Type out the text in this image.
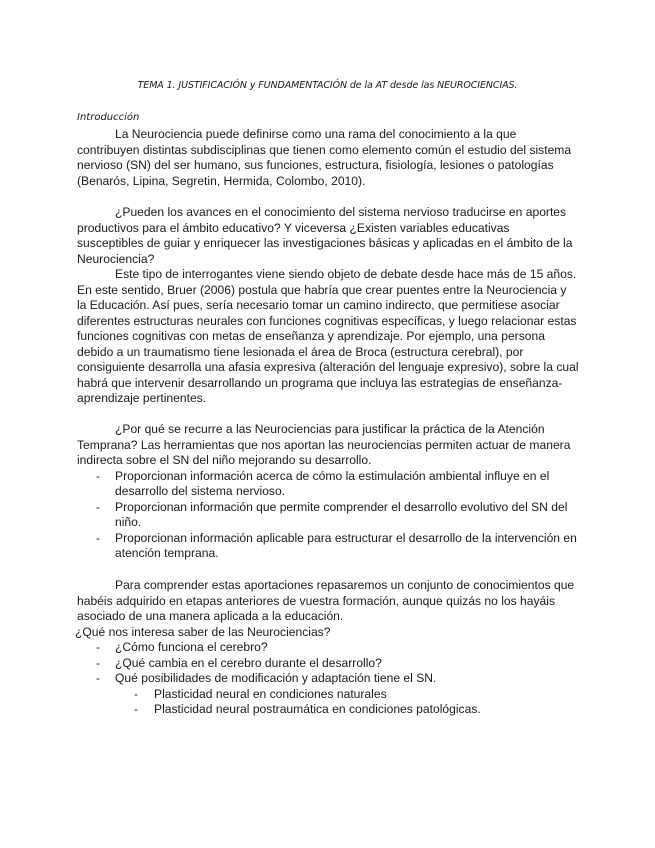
TEMA 1. JUSTIFICACIÓN y FUNDAMENTACIÓN de la AT desde las NEUROCIENCIAS.
Introducción

La Neurociencia puede definirse como una rama del conocimiento a la que contribuyen distintas subdisciplinas que tienen como elemento común el estudio del sistema nervioso (SN) del ser humano, sus funciones, estructura, fisiología, lesiones o patologías (Benarós, Lipina, Segretin, Hermida, Colombo, 2010).

¿Pueden los avances en el conocimiento del sistema nervioso traducirse en aportes productivos para el ámbito educativo? Y viceversa ¿Existen variables educativas susceptibles de guiar y enriquecer las investigaciones básicas y aplicadas en el ámbito de la Neurociencia?

Este tipo de interrogantes viene siendo objeto de debate desde hace más de 15 años. En este sentido, Bruer (2006) postula que habría que crear puentes entre la Neurociencia y la Educación. Así pues, sería necesario tomar un camino indirecto, que permitiese asociar diferentes estructuras neurales con funciones cognitivas específicas, y luego relacionar estas funciones cognitivas con metas de enseñanza y aprendizaje. Por ejemplo, una persona debido a un traumatismo tiene lesionada el área de Broca (estructura cerebral), por consiguiente desarrolla una afasia expresiva (alteración del lenguaje expresivo), sobre la cual habrá que intervenir desarrollando un programa que incluya las estrategias de enseñanza-aprendizaje pertinentes.

¿Por qué se recurre a las Neurociencias para justificar la práctica de la Atención Temprana? Las herramientas que nos aportan las neurociencias permiten actuar de manera indirecta sobre el SN del niño mejorando su desarrollo.

- Proporcionan información acerca de cómo la estimulación ambiental influye en el desarrollo del sistema nervioso.
- Proporcionan información que permite comprender el desarrollo evolutivo del SN del niño.
- Proporcionan información aplicable para estructurar el desarrollo de la intervención en atención temprana.

Para comprender estas aportaciones repasaremos un conjunto de conocimientos que habéis adquirido en etapas anteriores de vuestra formación, aunque quizás no los hayáis asociado de una manera aplicada a la educación.

¿Qué nos interesa saber de las Neurociencias?

- ¿Cómo funciona el cerebro?
- ¿Qué cambia en el cerebro durante el desarrollo?
- Qué posibilidades de modificación y adaptación tiene el SN.
- Plasticidad neural en condiciones naturales
- Plasticidad neural postraumática en condiciones patológicas.
